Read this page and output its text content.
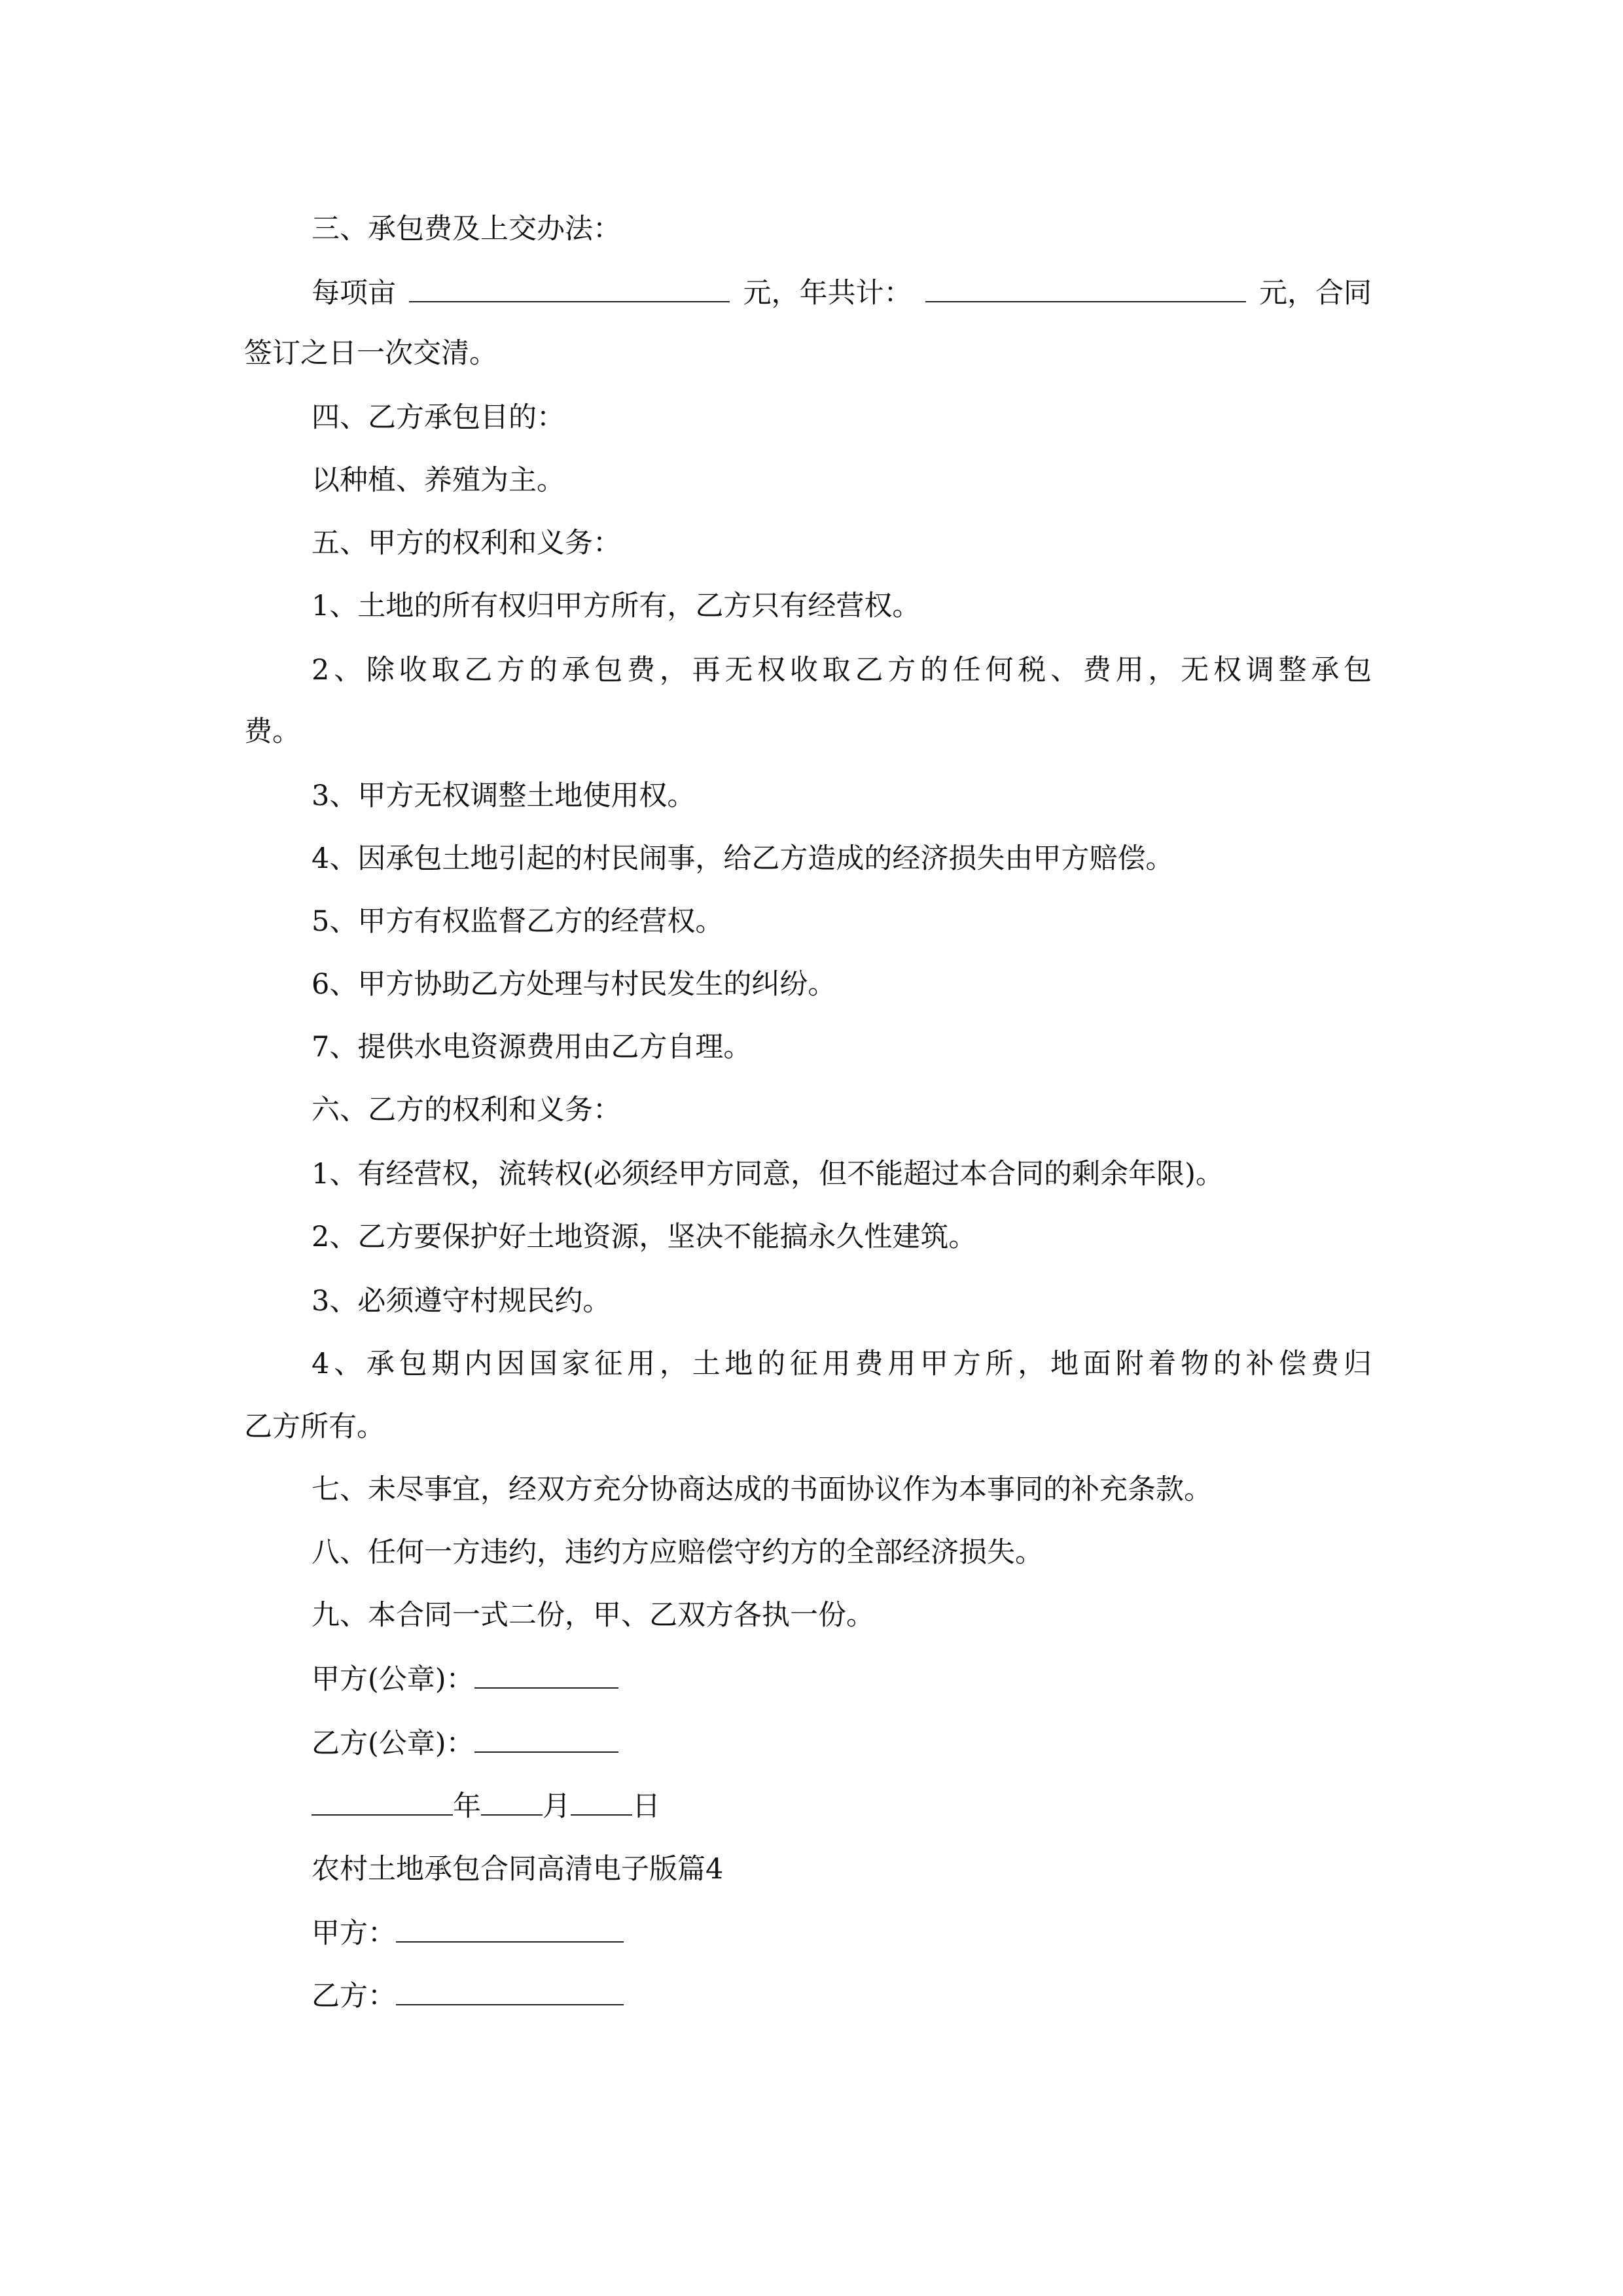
三、承包费及上交办法：
每项亩	元，年共计：	元，合同
签订之日一次交清。
四、乙方承包目的：
以种植、养殖为主。
五、甲方的权利和义务：
1、土地的所有权归甲方所有，乙方只有经营权。
2、除收取乙方的承包费，再无权收取乙方的任何税、费用，无权调整承包
费。
3、甲方无权调整土地使用权。
4、因承包土地引起的村民闹事，给乙方造成的经济损失由甲方赔偿。
5、甲方有权监督乙方的经营权。
6、甲方协助乙方处理与村民发生的纠纷。
7、提供水电资源费用由乙方自理。
六、乙方的权利和义务：
1、有经营权，流转权(必须经甲方同意，但不能超过本合同的剩余年限)。
2、乙方要保护好土地资源，坚决不能搞永久性建筑。
3、必须遵守村规民约。
4、承包期内因国家征用，土地的征用费用甲方所，地面附着物的补偿费归
乙方所有。
七、未尽事宜，经双方充分协商达成的书面协议作为本事同的补充条款。
八、任何一方违约，违约方应赔偿守约方的全部经济损失。
九、本合同一式二份，甲、乙双方各执一份。
甲方(公章)：
乙方(公章)：
年 月 日
农村土地承包合同高清电子版篇4
甲方：
乙方：
